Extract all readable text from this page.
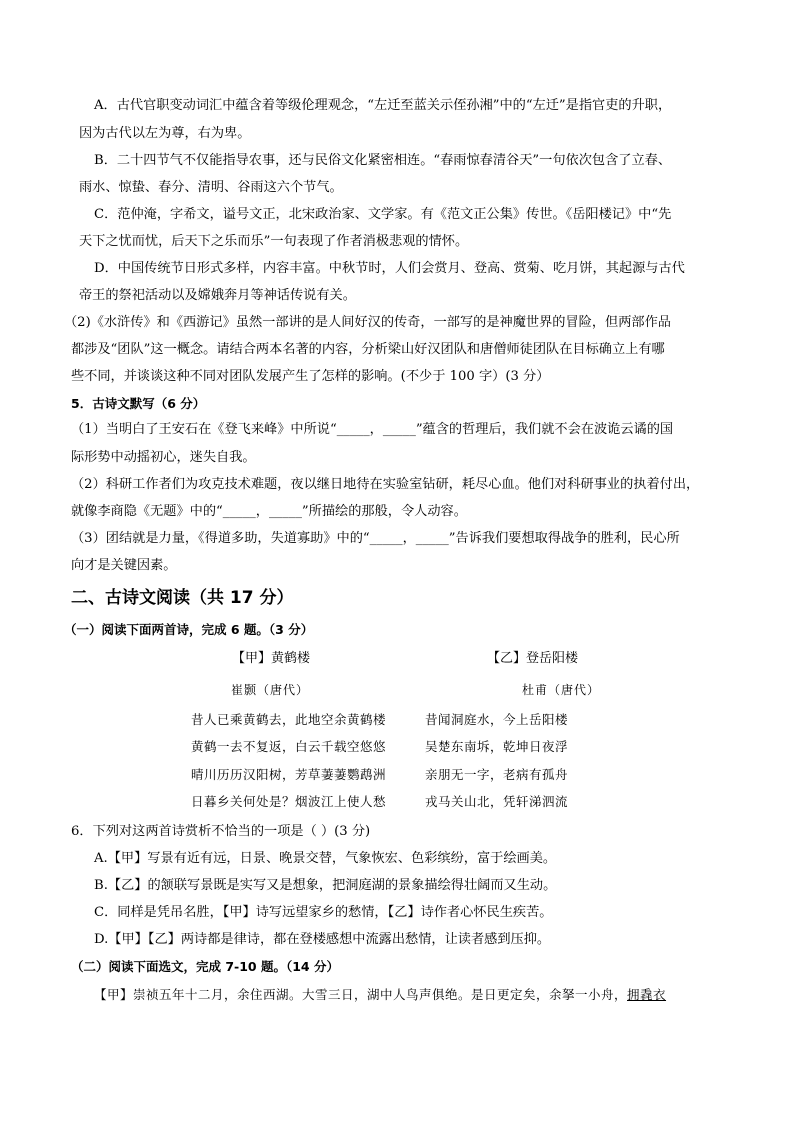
A．古代官职变动词汇中蕴含着等级伦理观念，“左迁至蓝关示侄孙湘”中的“左迁”是指官吏的升职，
因为古代以左为尊，右为卑。
B．二十四节气不仅能指导农事，还与民俗文化紧密相连。“春雨惊春清谷天”一句依次包含了立春、
雨水、惊蛰、春分、清明、谷雨这六个节气。
C．范仲淹，字希文，谥号文正，北宋政治家、文学家。有《范文正公集》传世。《岳阳楼记》中“先
天下之忧而忧，后天下之乐而乐”一句表现了作者消极悲观的情怀。
D．中国传统节日形式多样，内容丰富。中秋节时，人们会赏月、登高、赏菊、吃月饼，其起源与古代
帝王的祭祀活动以及嫦娥奔月等神话传说有关。
（2)《水浒传》和《西游记》虽然一部讲的是人间好汉的传奇，一部写的是神魔世界的冒险，但两部作品
都涉及“团队”这一概念。请结合两本名著的内容，分析梁山好汉团队和唐僧师徒团队在目标确立上有哪
些不同，并谈谈这种不同对团队发展产生了怎样的影响。(不少于 100 字）(3 分）
5．古诗文默写（6 分）
（1）当明白了王安石在《登飞来峰》中所说“_____，_____”蕴含的哲理后，我们就不会在波诡云谲的国
际形势中动摇初心，迷失自我。
（2）科研工作者们为攻克技术难题，夜以继日地待在实验室钻研，耗尽心血。他们对科研事业的执着付出，
就像李商隐《无题》中的“_____，_____”所描绘的那般，令人动容。
（3）团结就是力量，《得道多助，失道寡助》中的“_____，_____”告诉我们要想取得战争的胜利，民心所
向才是关键因素。
二、古诗文阅读（共 17 分）
（一）阅读下面两首诗，完成 6 题。（3 分）
【甲】黄鹤楼
崔颢（唐代）
昔人已乘黄鹤去，此地空余黄鹤楼
黄鹤一去不复返，白云千载空悠悠
晴川历历汉阳树，芳草萋萋鹦鹉洲
日暮乡关何处是？烟波江上使人愁
【乙】登岳阳楼
杜甫（唐代）
昔闻洞庭水，今上岳阳楼
吴楚东南坼，乾坤日夜浮
亲朋无一字，老病有孤舟
戎马关山北，凭轩涕泗流
6．下列对这两首诗赏析不恰当的一项是（ ）(3 分)
A.【甲】写景有近有远，日景、晚景交替，气象恢宏、色彩缤纷，富于绘画美。
B.【乙】的颔联写景既是实写又是想象，把洞庭湖的景象描绘得壮阔而又生动。
C．同样是凭吊名胜，【甲】诗写远望家乡的愁情，【乙】诗作者心怀民生疾苦。
D.【甲】【乙】两诗都是律诗，都在登楼感想中流露出愁情，让读者感到压抑。
（二）阅读下面选文，完成 7-10 题。（14 分）
【甲】崇祯五年十二月，余住西湖。大雪三日，湖中人鸟声俱绝。是日更定矣，余拏一小舟，拥毳衣
